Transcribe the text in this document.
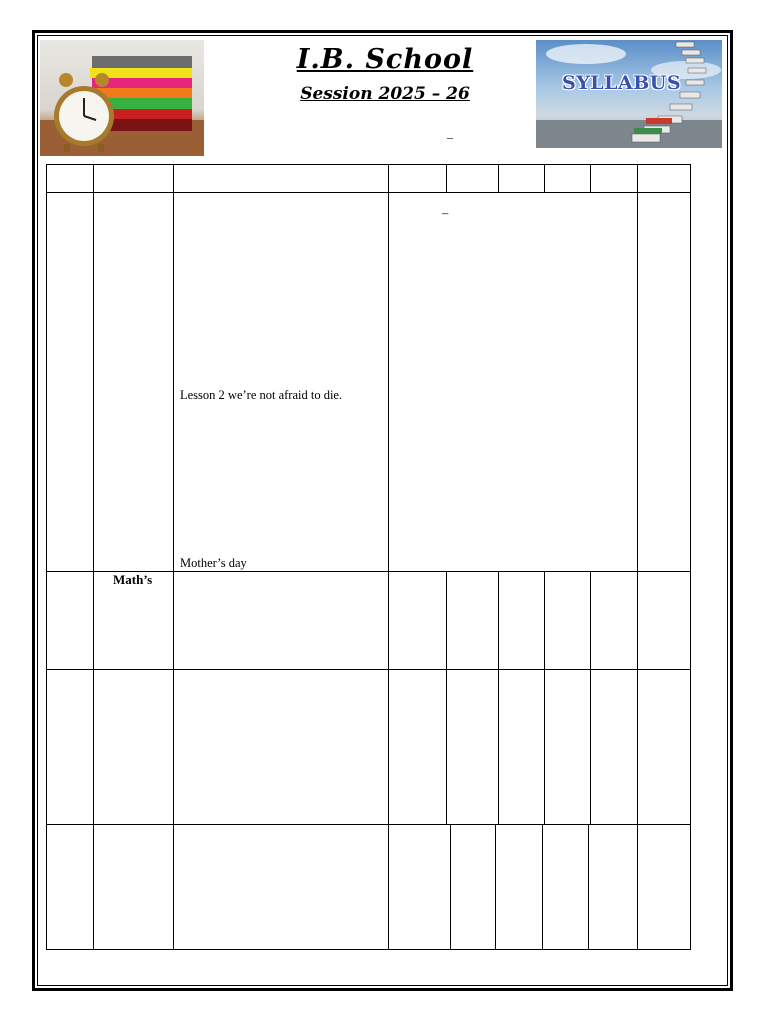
I.B. School
Session 2025 – 26
–
SYLLABUS
–
Lesson 2 we’re not afraid to die.
Mother’s day
Math’s
